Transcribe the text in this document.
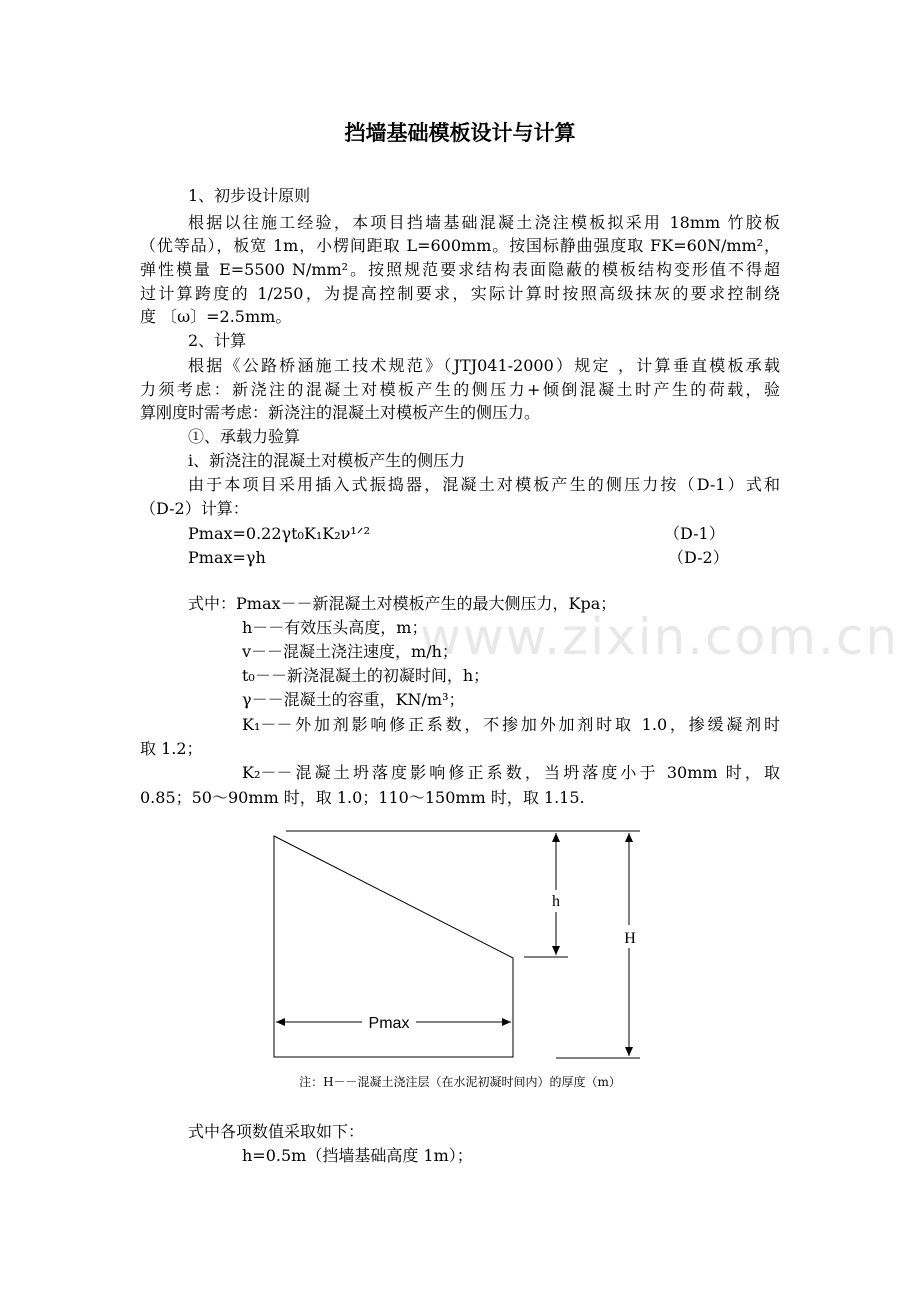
www.zixin.com.cn
挡墙基础模板设计与计算
1、初步设计原则
根据以往施工经验，本项目挡墙基础混凝土浇注模板拟采用 18mm 竹胶板
（优等品），板宽 1m，小楞间距取 L=600mm。按国标静曲强度取 FK=60N/mm²，
弹性模量 E=5500 N/mm²。按照规范要求结构表面隐蔽的模板结构变形值不得超
过计算跨度的 1/250，为提高控制要求，实际计算时按照高级抹灰的要求控制绕
度 〔ω〕=2.5mm。
2、计算
根据《公路桥涵施工技术规范》（JTJ041-2000）规定 ，计算垂直模板承载
力须考虑：新浇注的混凝土对模板产生的侧压力+倾倒混凝土时产生的荷载，验
算刚度时需考虑：新浇注的混凝土对模板产生的侧压力。
①、承载力验算
ⅰ、新浇注的混凝土对模板产生的侧压力
由于本项目采用插入式振捣器，混凝土对模板产生的侧压力按（D-1）式和
（D-2）计算：
Pmax=0.22γt₀K₁K₂ν¹ᐟ²	（D-1）
Pmax=γh	（D-2）
式中：Pmax－－新混凝土对模板产生的最大侧压力，Kpa；
h－－有效压头高度，m；
v－－混凝土浇注速度，m/h；
t₀－－新浇混凝土的初凝时间，h；
γ－－混凝土的容重，KN/m³；
K₁－－外加剂影响修正系数，不掺加外加剂时取 1.0，掺缓凝剂时
取 1.2；
K₂－－混凝土坍落度影响修正系数，当坍落度小于 30mm 时，取
0.85；50～90mm 时，取 1.0；110～150mm 时，取 1.15.
h
H
Pmax
注：H－－混凝土浇注层（在水泥初凝时间内）的厚度（m）
式中各项数值采取如下：
h=0.5m（挡墙基础高度 1m）；
